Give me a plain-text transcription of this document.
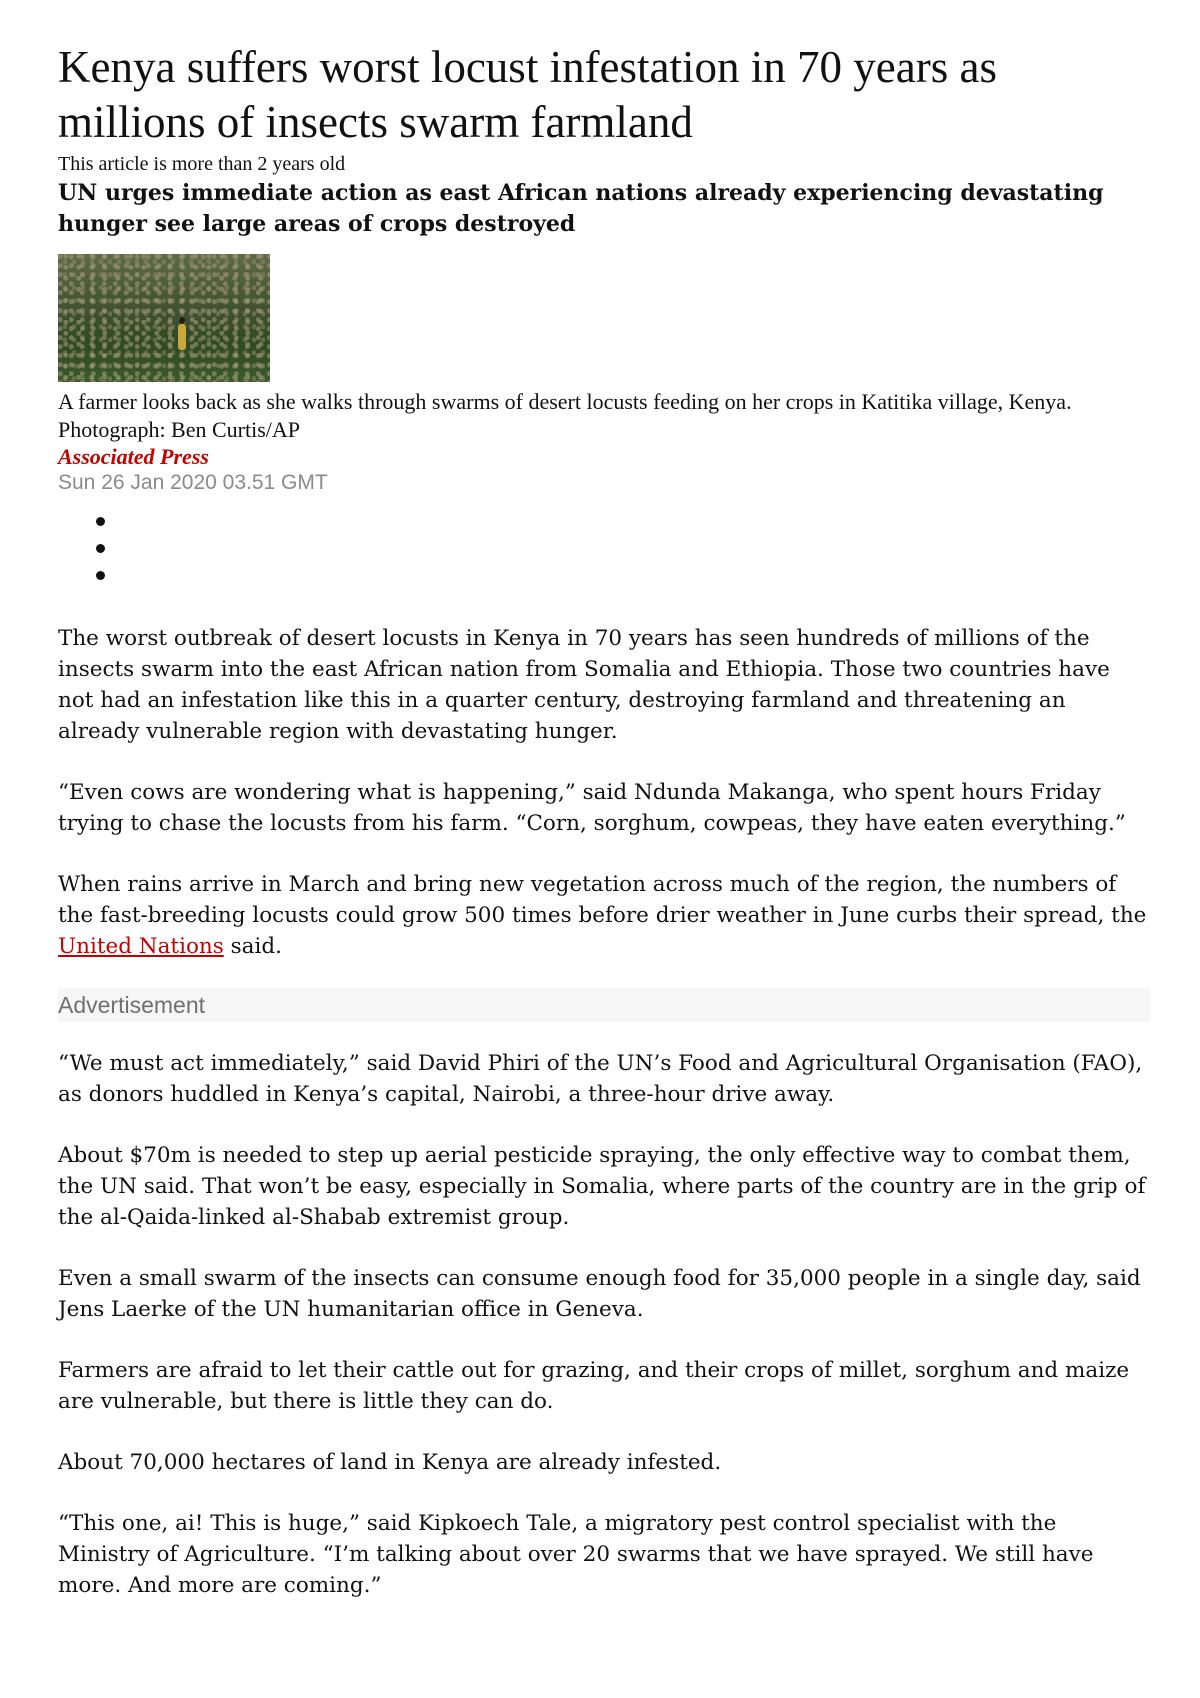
Kenya suffers worst locust infestation in 70 years as millions of insects swarm farmland
This article is more than 2 years old
UN urges immediate action as east African nations already experiencing devastating hunger see large areas of crops destroyed
A farmer looks back as she walks through swarms of desert locusts feeding on her crops in Katitika village, Kenya. Photograph: Ben Curtis/AP
Associated Press
Sun 26 Jan 2020 03.51 GMT

The worst outbreak of desert locusts in Kenya in 70 years has seen hundreds of millions of the insects swarm into the east African nation from Somalia and Ethiopia. Those two countries have not had an infestation like this in a quarter century, destroying farmland and threatening an already vulnerable region with devastating hunger.

“Even cows are wondering what is happening,” said Ndunda Makanga, who spent hours Friday trying to chase the locusts from his farm. “Corn, sorghum, cowpeas, they have eaten everything.”

When rains arrive in March and bring new vegetation across much of the region, the numbers of the fast-breeding locusts could grow 500 times before drier weather in June curbs their spread, the United Nations said.

Advertisement

“We must act immediately,” said David Phiri of the UN’s Food and Agricultural Organisation (FAO), as donors huddled in Kenya’s capital, Nairobi, a three-hour drive away.

About $70m is needed to step up aerial pesticide spraying, the only effective way to combat them, the UN said. That won’t be easy, especially in Somalia, where parts of the country are in the grip of the al-Qaida-linked al-Shabab extremist group.

Even a small swarm of the insects can consume enough food for 35,000 people in a single day, said Jens Laerke of the UN humanitarian office in Geneva.

Farmers are afraid to let their cattle out for grazing, and their crops of millet, sorghum and maize are vulnerable, but there is little they can do.

About 70,000 hectares of land in Kenya are already infested.

“This one, ai! This is huge,” said Kipkoech Tale, a migratory pest control specialist with the Ministry of Agriculture. “I’m talking about over 20 swarms that we have sprayed. We still have more. And more are coming.”
